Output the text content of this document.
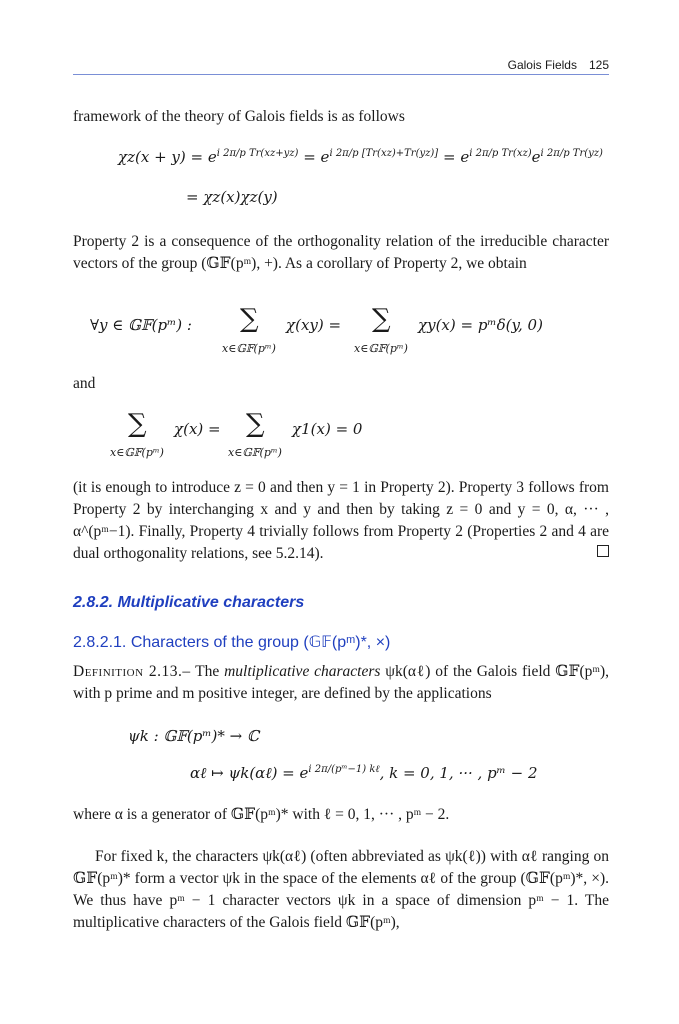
Galois Fields 125
framework of the theory of Galois fields is as follows
$\chi z(x + y) = e^{i 2\pi/p Tr(xz+yz)} = e^{i 2\pi/p [Tr(xz)+Tr(yz)]} = e^{i 2\pi/p Tr(xz)}e^{i 2\pi/p Tr(yz)}$
= χz(x)χz(y)
Property 2 is a consequence of the orthogonality relation of the irreducible character vectors of the group (𝔾𝔽(pᵐ), +). As a corollary of Property 2, we obtain
∀y ∈ 𝔾𝔽(pᵐ) : ∑ χ(xy) = ∑ χy(x) = pᵐδ(y, 0)
x∈𝔾𝔽(pᵐ)	x∈𝔾𝔽(pᵐ)
and
∑ χ(x) = ∑ χ1(x) = 0
x∈𝔾𝔽(pᵐ)	x∈𝔾𝔽(pᵐ)
(it is enough to introduce z = 0 and then y = 1 in Property 2). Property 3 follows from Property 2 by interchanging x and y and then by taking z = 0 and y = 0, α, ··· , α^(pᵐ−1). Finally, Property 4 trivially follows from Property 2 (Properties 2 and 4 are dual orthogonality relations, see 5.2.14).
2.8.2. Multiplicative characters
2.8.2.1. Characters of the group (𝔾𝔽(pᵐ)*, ×)
Definition 2.13.– The multiplicative characters ψk(αℓ) of the Galois field 𝔾𝔽(pᵐ), with p prime and m positive integer, are defined by the applications
ψk : 𝔾𝔽(pᵐ)* → ℂ
αℓ ↦ ψk(αℓ) = $e^{i 2\pi/(pᵐ-1) k\ell}$, k = 0, 1, ··· , pᵐ − 2
where α is a generator of 𝔾𝔽(pᵐ)* with ℓ = 0, 1, ··· , pᵐ − 2.
For fixed k, the characters ψk(αℓ) (often abbreviated as ψk(ℓ)) with αℓ ranging on 𝔾𝔽(pᵐ)* form a vector ψk in the space of the elements αℓ of the group (𝔾𝔽(pᵐ)*, ×). We thus have pᵐ − 1 character vectors ψk in a space of dimension pᵐ − 1. The multiplicative characters of the Galois field 𝔾𝔽(pᵐ),
